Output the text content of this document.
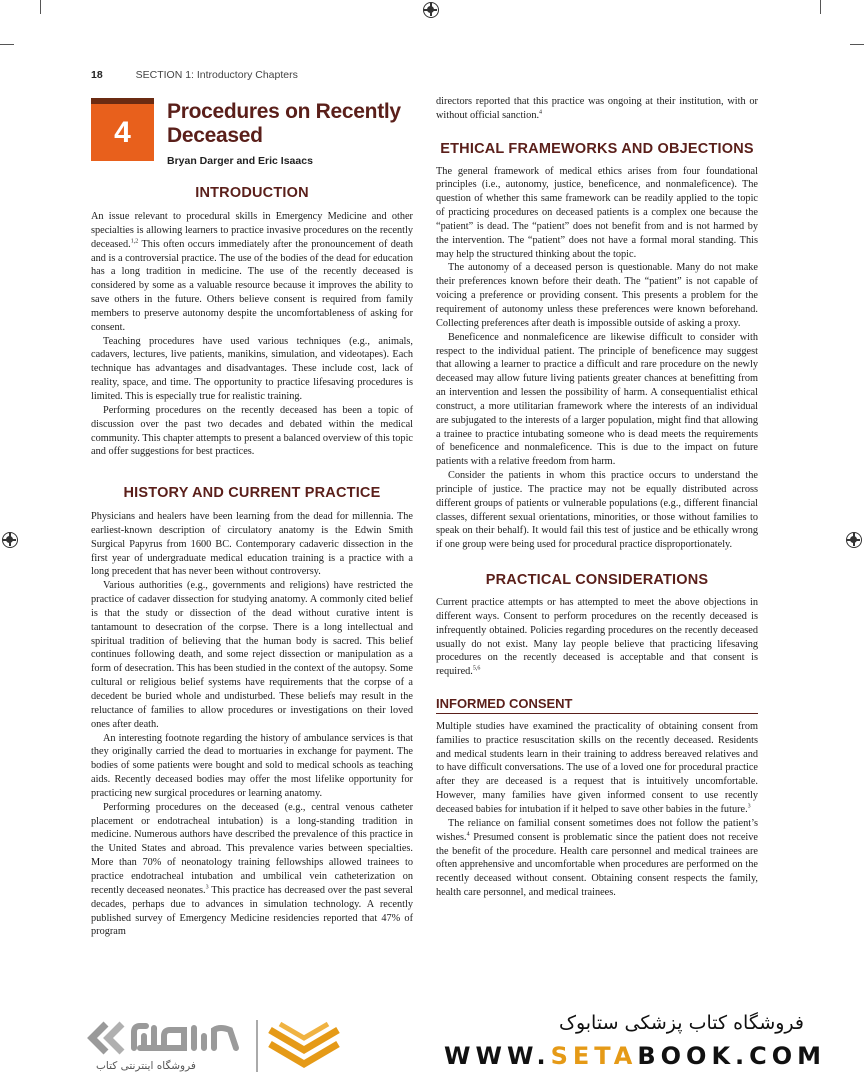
18	SECTION 1: Introductory Chapters
4
Procedures on Recently Deceased
Bryan Darger and Eric Isaacs
INTRODUCTION

An issue relevant to procedural skills in Emergency Medicine and other specialties is allowing learners to practice invasive procedures on the recently deceased.$^{1,2}$ This often occurs immediately after the pronouncement of death and is a controversial practice. The use of the bodies of the dead for education has a long tradition in medicine. The use of the recently deceased is considered by some as a valuable resource because it improves the ability to save others in the future. Others believe consent is required from family members to preserve autonomy despite the uncomfortableness of asking for consent.

Teaching procedures have used various techniques (e.g., animals, cadavers, lectures, live patients, manikins, simulation, and videotapes). Each technique has advantages and disadvantages. These include cost, lack of reality, space, and time. The opportunity to practice lifesaving procedures is limited. This is especially true for realistic training.

Performing procedures on the recently deceased has been a topic of discussion over the past two decades and debated within the medical community. This chapter attempts to present a balanced overview of this topic and offer suggestions for best practices.

HISTORY AND CURRENT PRACTICE

Physicians and healers have been learning from the dead for millennia. The earliest-known description of circulatory anatomy is the Edwin Smith Surgical Papyrus from 1600 BC. Contemporary cadaveric dissection in the first year of undergraduate medical education training is a practice with a long precedent that has never been without controversy.

Various authorities (e.g., governments and religions) have restricted the practice of cadaver dissection for studying anatomy. A commonly cited belief is that the study or dissection of the dead without curative intent is tantamount to desecration of the corpse. There is a long intellectual and spiritual tradition of believing that the human body is sacred. This belief continues following death, and some reject dissection or manipulation as a form of desecration. This has been studied in the context of the autopsy. Some cultural or religious belief systems have requirements that the corpse of a decedent be buried whole and undisturbed. These beliefs may result in the reluctance of families to allow procedures or investigations on their loved ones after death.

An interesting footnote regarding the history of ambulance services is that they originally carried the dead to mortuaries in exchange for payment. The bodies of some patients were bought and sold to medical schools as teaching aids. Recently deceased bodies may offer the most lifelike opportunity for practicing new surgical procedures or learning anatomy.

Performing procedures on the deceased (e.g., central venous catheter placement or endotracheal intubation) is a long-standing tradition in medicine. Numerous authors have described the prevalence of this practice in the United States and abroad. This prevalence varies between specialties. More than 70% of neonatology training fellowships allowed trainees to practice endotracheal intubation and umbilical vein catheterization on recently deceased neonates.$^3$ This practice has decreased over the past several decades, perhaps due to advances in simulation technology. A recently published survey of Emergency Medicine residencies reported that 47% of program

directors reported that this practice was ongoing at their institution, with or without official sanction.$^4$

ETHICAL FRAMEWORKS AND OBJECTIONS

The general framework of medical ethics arises from four foundational principles (i.e., autonomy, justice, beneficence, and nonmaleficence). The question of whether this same framework can be readily applied to the topic of practicing procedures on deceased patients is a complex one because the “patient” is dead. The “patient” does not benefit from and is not harmed by the intervention. The “patient” does not have a formal moral standing. This may help the structured thinking about the topic.

The autonomy of a deceased person is questionable. Many do not make their preferences known before their death. The “patient” is not capable of voicing a preference or providing consent. This presents a problem for the requirement of autonomy unless these preferences were known beforehand. Collecting preferences after death is impossible outside of asking a proxy.

Beneficence and nonmaleficence are likewise difficult to consider with respect to the individual patient. The principle of beneficence may suggest that allowing a learner to practice a difficult and rare procedure on the newly deceased may allow future living patients greater chances at benefitting from an intervention and lessen the possibility of harm. A consequentialist ethical construct, a more utilitarian framework where the interests of an individual are subjugated to the interests of a larger population, might find that allowing a trainee to practice intubating someone who is dead meets the requirements of beneficence and nonmaleficence. This is due to the impact on future patients with a relative freedom from harm.

Consider the patients in whom this practice occurs to understand the principle of justice. The practice may not be equally distributed across different groups of patients or vulnerable populations (e.g., different financial classes, different sexual orientations, minorities, or those without families to speak on their behalf). It would fail this test of justice and be ethically wrong if one group were being used for procedural practice disproportionately.

PRACTICAL CONSIDERATIONS

Current practice attempts or has attempted to meet the above objections in different ways. Consent to perform procedures on the recently deceased is infrequently obtained. Policies regarding procedures on the recently deceased usually do not exist. Many lay people believe that practicing lifesaving procedures on the recently deceased is acceptable and that consent is required.$^{5,6}$

INFORMED CONSENT

Multiple studies have examined the practicality of obtaining consent from families to practice resuscitation skills on the recently deceased. Residents and medical students learn in their training to address bereaved relatives and to have difficult conversations. The use of a loved one for procedural practice after they are deceased is a request that is intuitively uncomfortable. However, many families have given informed consent to use recently deceased babies for intubation if it helped to save other babies in the future.$^3$

The reliance on familial consent sometimes does not follow the patient’s wishes.$^4$ Presumed consent is problematic since the patient does not receive the benefit of the procedure. Health care personnel and medical trainees are often apprehensive and uncomfortable when procedures are performed on the recently deceased without consent. Obtaining consent respects the family, health care personnel, and medical trainees.

فروشگاه اینترنتی کتاب
فروشگاه کتاب پزشکی ستابوک
WWW.SETABOOK.COM
